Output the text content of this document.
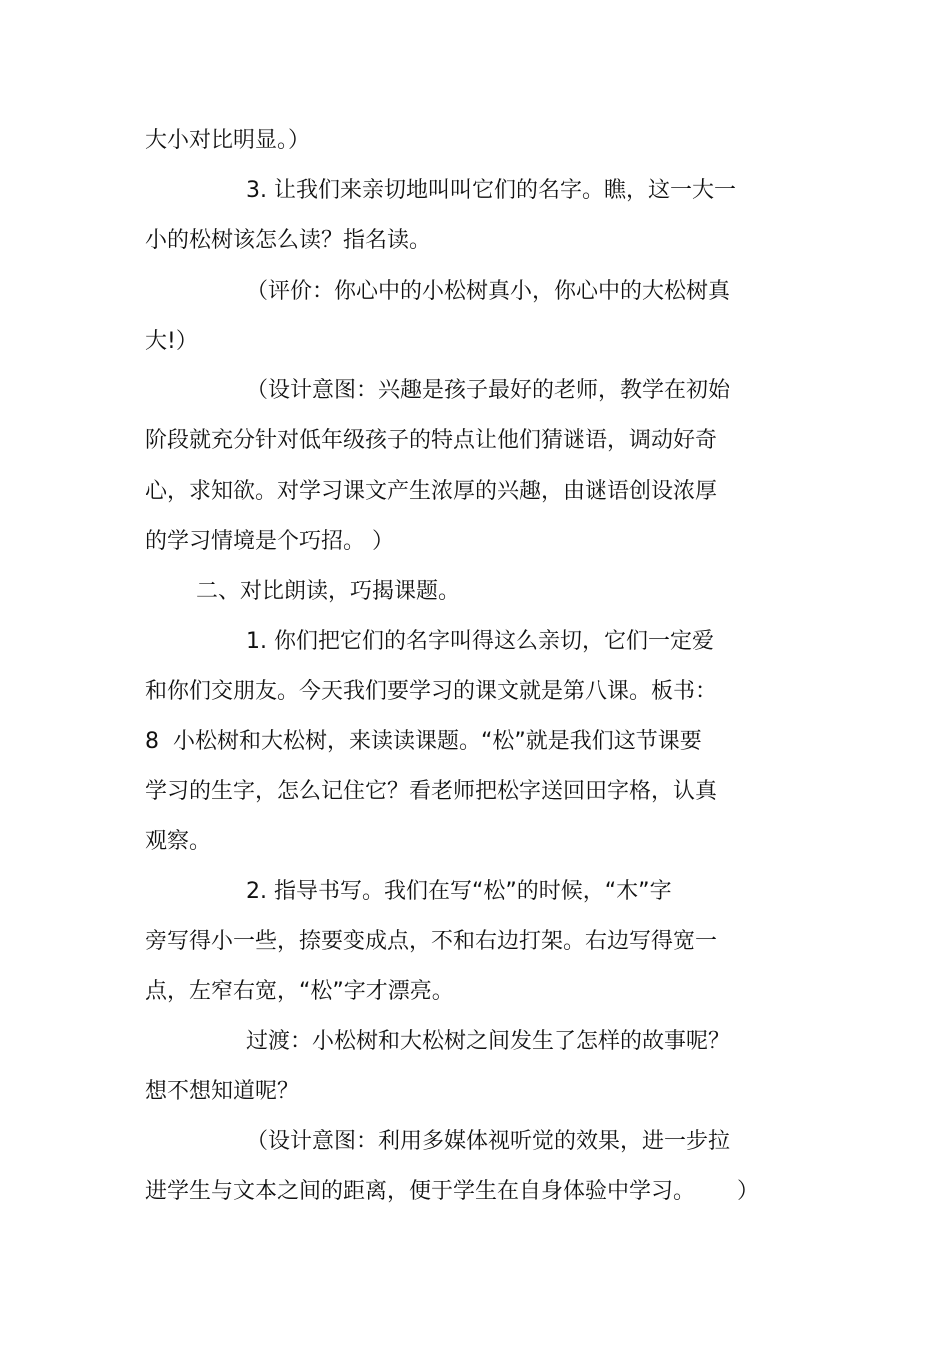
大小对比明显。）
3. 让我们来亲切地叫叫它们的名字。瞧，这一大一
小的松树该怎么读？指名读。
（评价：你心中的小松树真小，你心中的大松树真
大!）
（设计意图：兴趣是孩子最好的老师，教学在初始
阶段就充分针对低年级孩子的特点让他们猜谜语，调动好奇
心，求知欲。对学习课文产生浓厚的兴趣，由谜语创设浓厚
的学习情境是个巧招。 ）
二、对比朗读，巧揭课题。
1. 你们把它们的名字叫得这么亲切，它们一定爱
和你们交朋友。今天我们要学习的课文就是第八课。板书：
8  小松树和大松树，来读读课题。“松”就是我们这节课要
学习的生字，怎么记住它？看老师把松字送回田字格，认真
观察。
2. 指导书写。我们在写“松”的时候，“木”字
旁写得小一些，捺要变成点，不和右边打架。右边写得宽一
点，左窄右宽，“松”字才漂亮。
过渡：小松树和大松树之间发生了怎样的故事呢？
想不想知道呢？
（设计意图：利用多媒体视听觉的效果，进一步拉
进学生与文本之间的距离，便于学生在自身体验中学习。      ）
